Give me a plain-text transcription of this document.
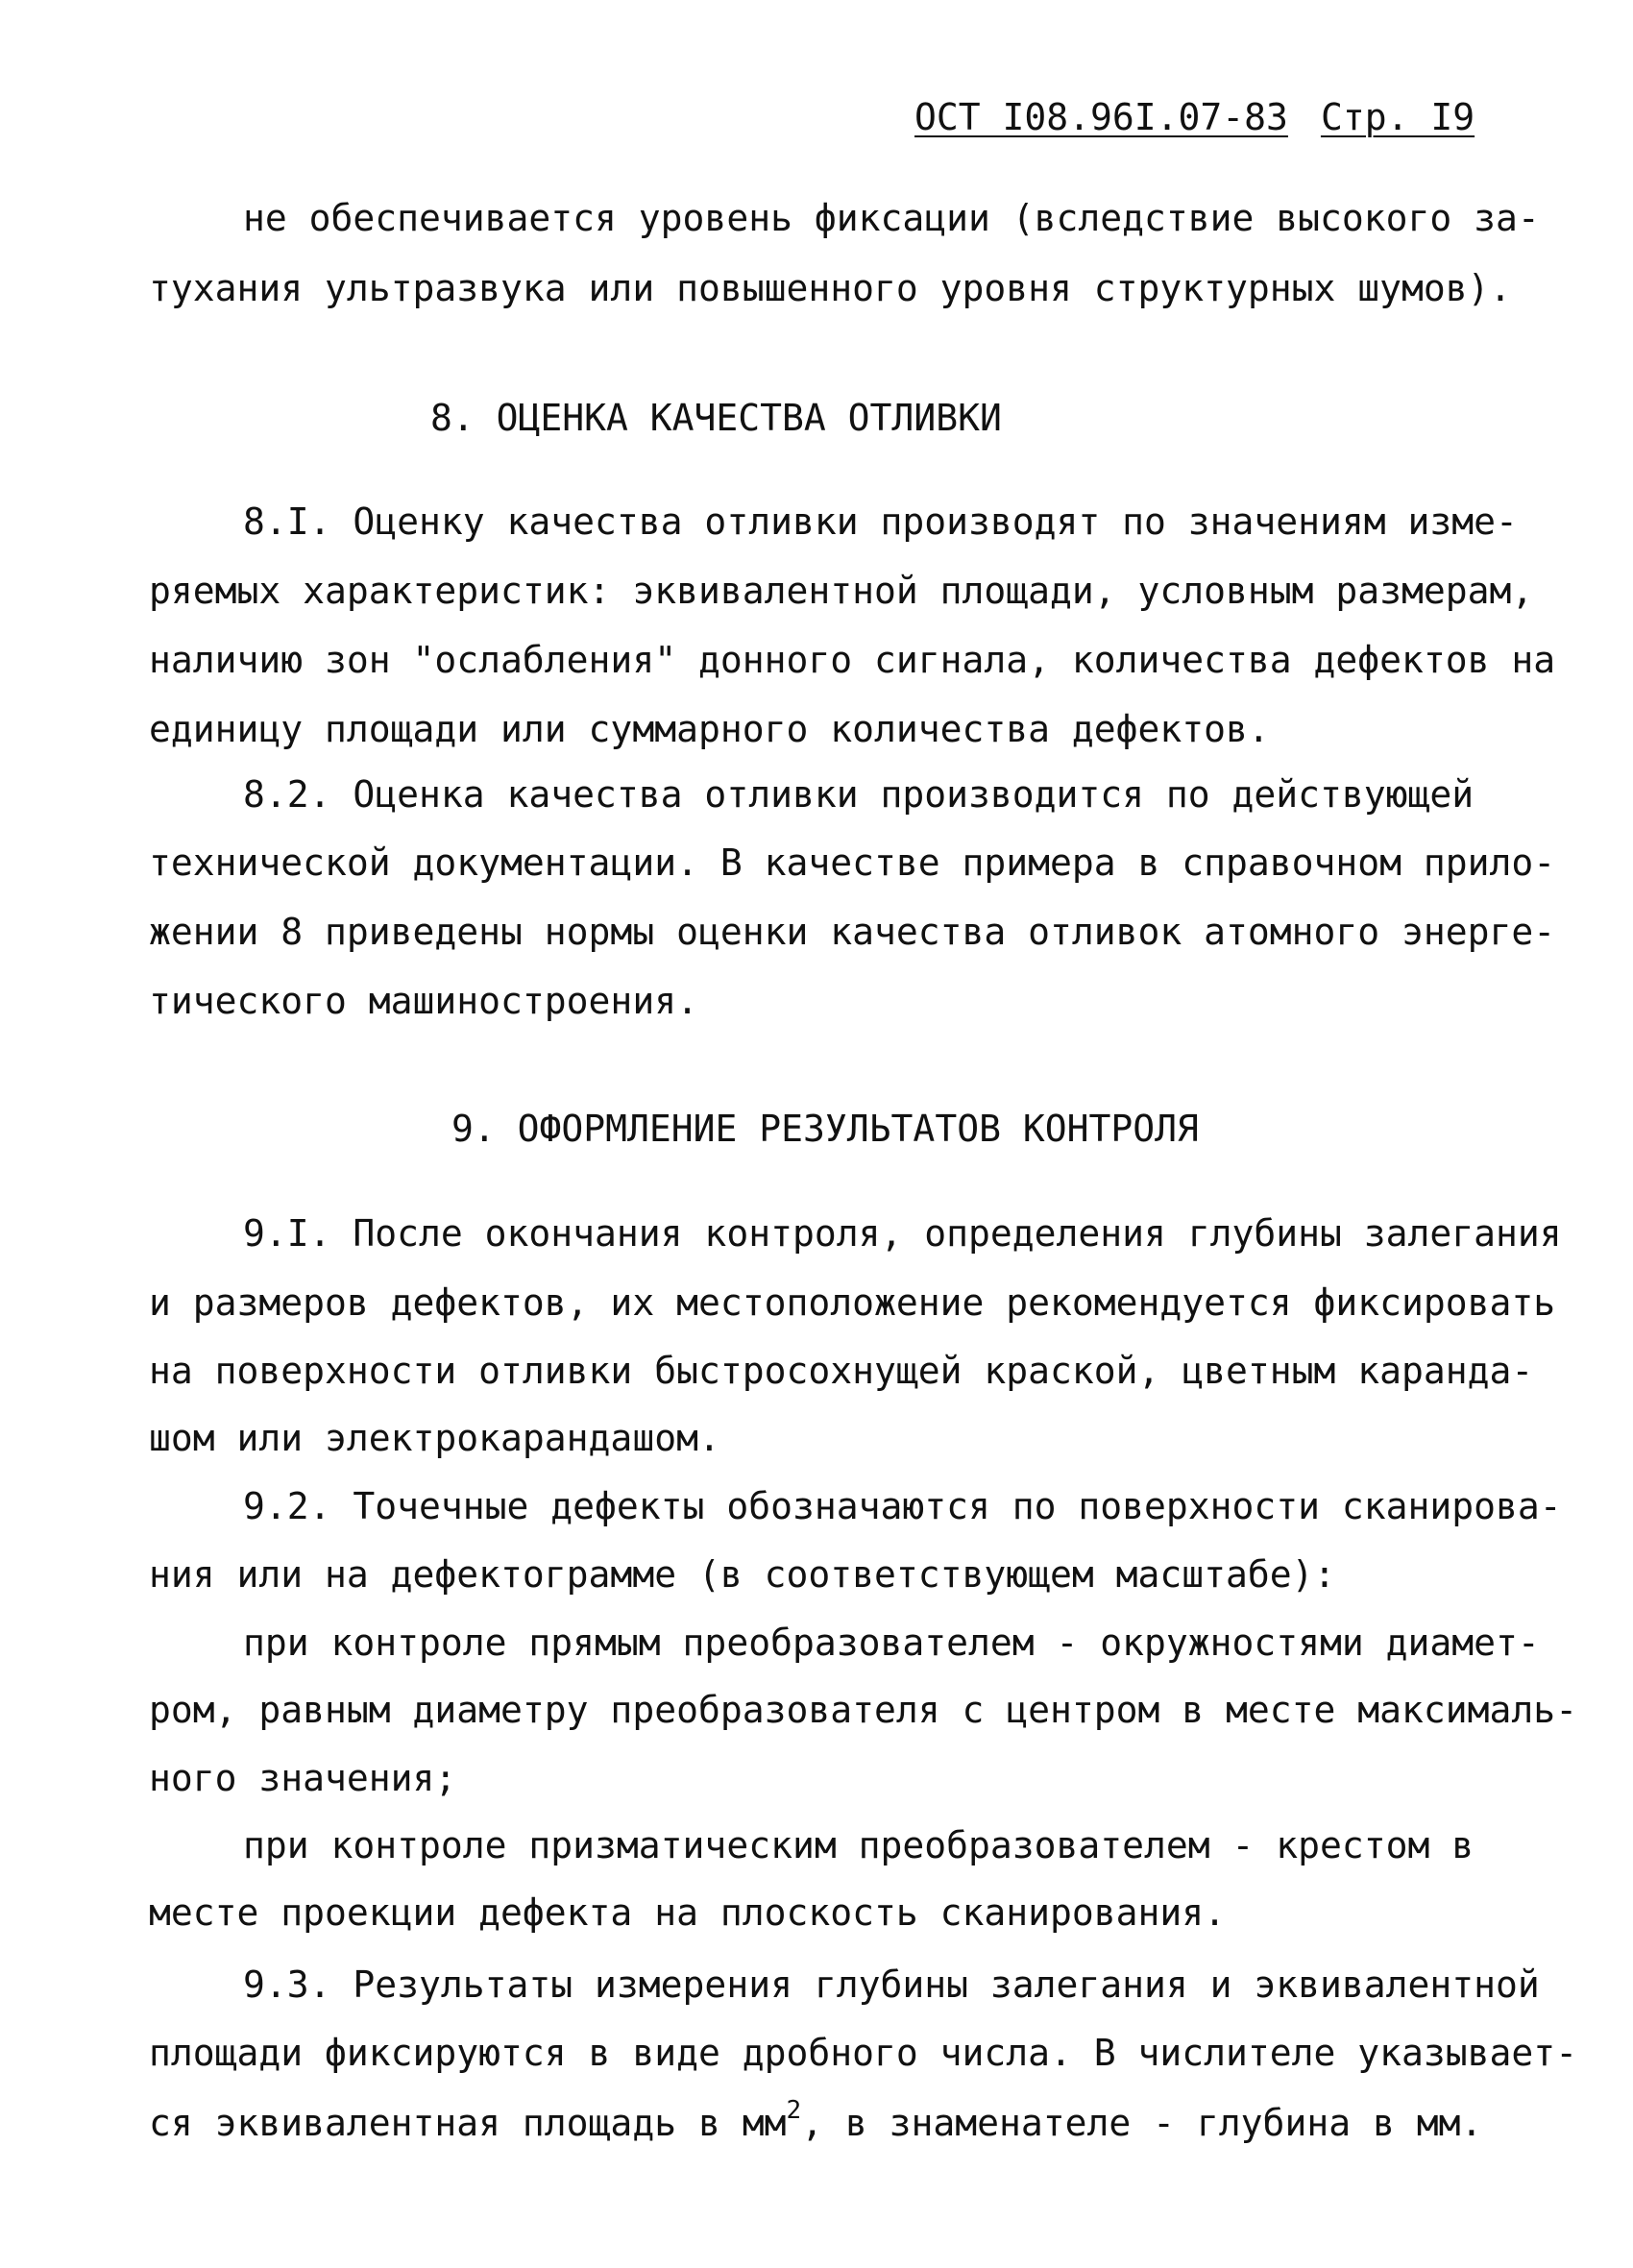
ОСТ I08.96I.07-83 Стр. I9
не обеспечивается уровень фиксации (вследствие высокого за-
тухания ультразвука или повышенного уровня структурных шумов).
8. ОЦЕНКА КАЧЕСТВА ОТЛИВКИ
8.I. Оценку качества отливки производят по значениям изме-
ряемых характеристик: эквивалентной площади, условным размерам,
наличию зон "ослабления" донного сигнала, количества дефектов на
единицу площади или суммарного количества дефектов.
8.2. Оценка качества отливки производится по действующей
технической документации. В качестве примера в справочном прило-
жении 8 приведены нормы оценки качества отливок атомного энерге-
тического машиностроения.
9. ОФОРМЛЕНИЕ РЕЗУЛЬТАТОВ КОНТРОЛЯ
9.I. После окончания контроля, определения глубины залегания
и размеров дефектов, их местоположение рекомендуется фиксировать
на поверхности отливки быстросохнущей краской, цветным каранда-
шом или электрокарандашом.
9.2. Точечные дефекты обозначаются по поверхности сканирова-
ния или на дефектограмме (в соответствующем масштабе):
при контроле прямым преобразователем - окружностями диамет-
ром, равным диаметру преобразователя с центром в месте максималь-
ного значения;
при контроле призматическим преобразователем - крестом в
месте проекции дефекта на плоскость сканирования.
9.3. Результаты измерения глубины залегания и эквивалентной
площади фиксируются в виде дробного числа. В числителе указывает-
ся эквивалентная площадь в $мм^2$, в знаменателе - глубина в мм.
